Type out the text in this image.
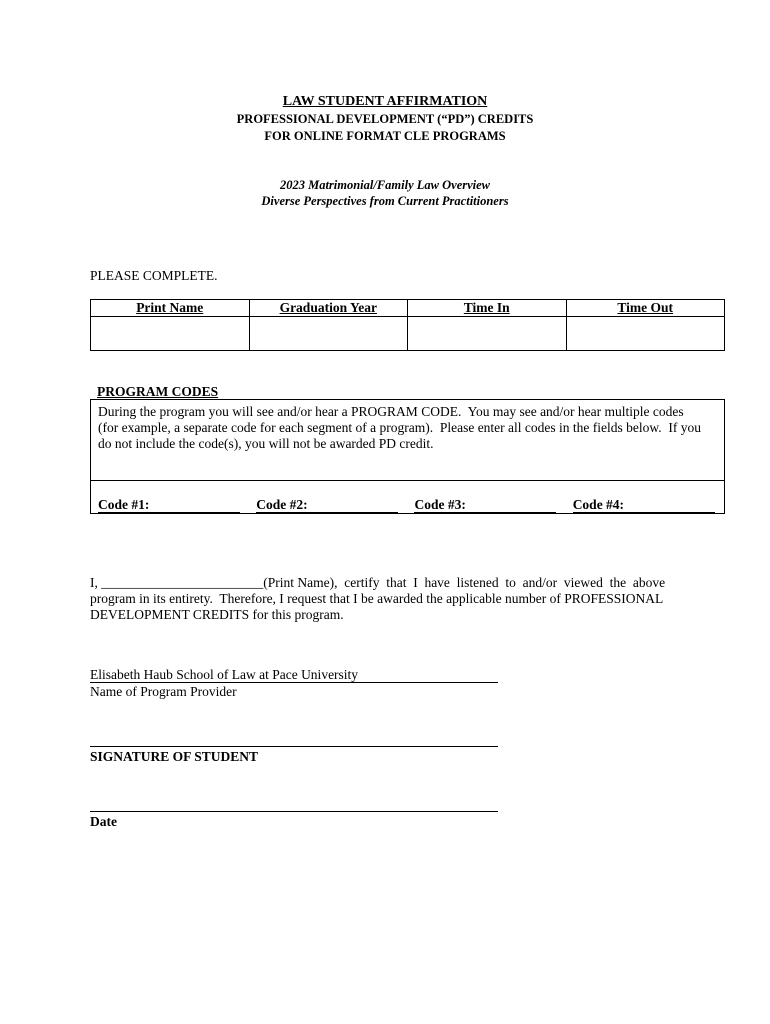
LAW STUDENT AFFIRMATION
PROFESSIONAL DEVELOPMENT (“PD”) CREDITS
FOR ONLINE FORMAT CLE PROGRAMS
2023 Matrimonial/Family Law Overview
Diverse Perspectives from Current Practitioners
PLEASE COMPLETE.
Print Name	Graduation Year	Time In	Time Out

PROGRAM CODES
During the program you will see and/or hear a PROGRAM CODE.  You may see and/or hear multiple codes
(for example, a separate code for each segment of a program).  Please enter all codes in the fields below.  If you
do not include the code(s), you will not be awarded PD credit.

Code #1:	Code #2:	Code #3:	Code #4:
I, ________________________(Print Name),  certify  that  I  have  listened  to  and/or  viewed  the  above
program in its entirety.  Therefore, I request that I be awarded the applicable number of PROFESSIONAL
DEVELOPMENT CREDITS for this program.
Elisabeth Haub School of Law at Pace University
Name of Program Provider
SIGNATURE OF STUDENT
Date
